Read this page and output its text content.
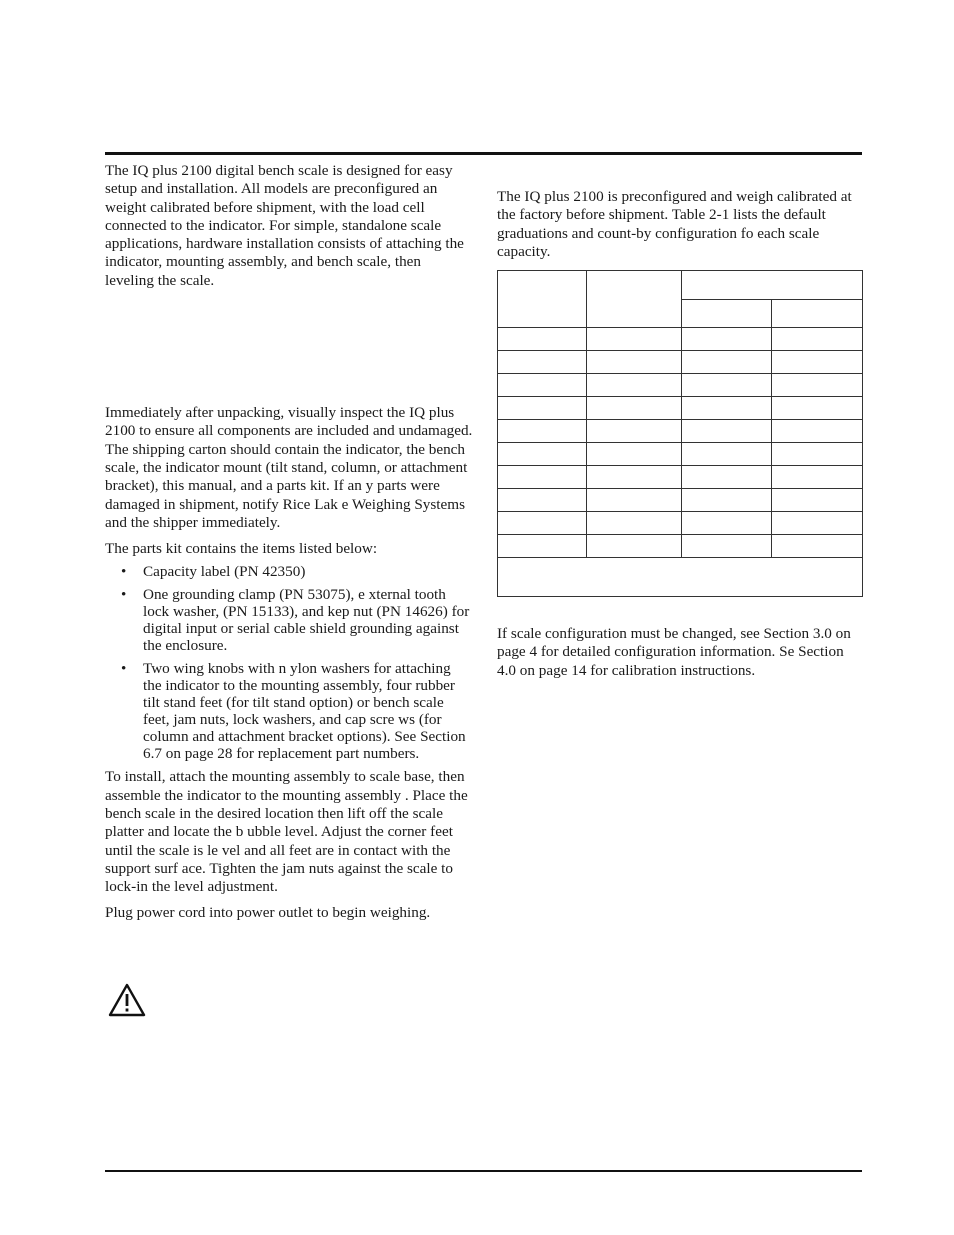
The IQ plus 2100 digital bench scale is designed for easy setup and installation. All models are preconfigured an weight calibrated before shipment, with the load cell connected to the indicator. For simple, standalone scale applications, hardware installation consists of attaching the indicator, mounting assembly, and bench scale, then leveling the scale.

Immediately after unpacking, visually inspect the IQ plus 2100 to ensure all components are included and undamaged. The shipping carton should contain the indicator, the bench scale, the indicator mount (tilt stand, column, or attachment bracket), this manual, and a parts kit. If an y parts were damaged in shipment, notify Rice Lak e Weighing Systems and the shipper immediately.

The parts kit contains the items listed below:

• Capacity label (PN 42350)
• One grounding clamp (PN 53075), e xternal tooth lock washer, (PN 15133), and kep nut (PN 14626) for digital input or serial cable shield grounding against the enclosure.
• Two wing knobs with n ylon washers for attaching the indicator to the mounting assembly, four rubber tilt stand feet (for tilt stand option) or bench scale feet, jam nuts, lock washers, and cap scre ws (for column and attachment bracket options). See Section 6.7 on page 28 for replacement part numbers.

To install, attach the mounting assembly to scale base, then assemble the indicator to the mounting assembly . Place the bench scale in the desired location then lift off the scale platter and locate the b ubble level. Adjust the corner feet until the scale is le vel and all feet are in contact with the support surf ace. Tighten the jam nuts against the scale to lock-in the level adjustment.

Plug power cord into power outlet to begin weighing.

The IQ plus 2100 is preconfigured and weigh calibrated at the factory before shipment. Table 2-1 lists the default graduations and count-by configuration fo each scale capacity.

If scale configuration must be changed, see Section 3.0 on page 4 for detailed configuration information. Se Section 4.0 on page 14 for calibration instructions.
